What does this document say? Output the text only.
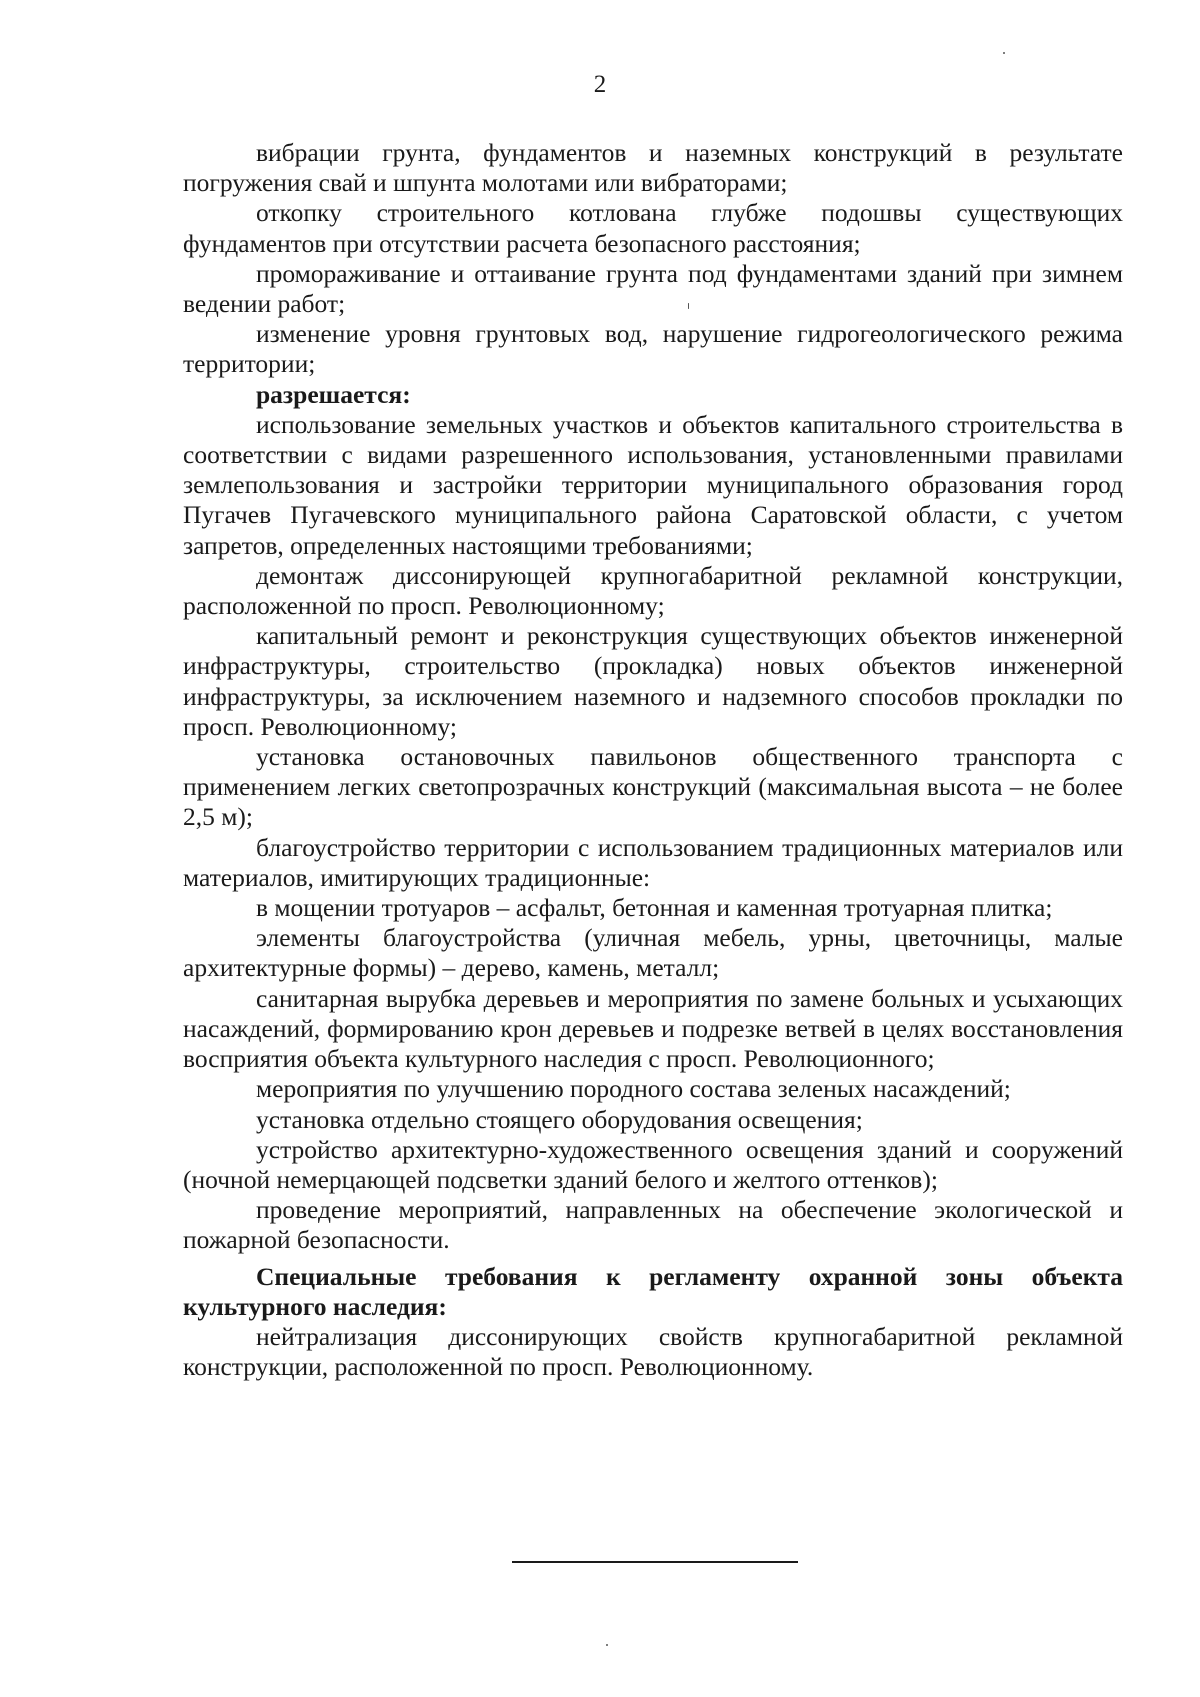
2

вибрации грунта, фундаментов и наземных конструкций в результате погружения свай и шпунта молотами или вибраторами;

откопку строительного котлована глубже подошвы существующих фундаментов при отсутствии расчета безопасного расстояния;

промораживание и оттаивание грунта под фундаментами зданий при зимнем ведении работ;

изменение уровня грунтовых вод, нарушение гидрогеологического режима территории;

разрешается:

использование земельных участков и объектов капитального строительства в соответствии с видами разрешенного использования, установленными правилами землепользования и застройки территории муниципального образования город Пугачев Пугачевского муниципального района Саратовской области, с учетом запретов, определенных настоящими требованиями;

демонтаж диссонирующей крупногабаритной рекламной конструкции, расположенной по просп. Революционному;

капитальный ремонт и реконструкция существующих объектов инженерной инфраструктуры, строительство (прокладка) новых объектов инженерной инфраструктуры, за исключением наземного и надземного способов прокладки по просп. Революционному;

установка остановочных павильонов общественного транспорта с применением легких светопрозрачных конструкций (максимальная высота – не более 2,5 м);

благоустройство территории с использованием традиционных материалов или материалов, имитирующих традиционные:

в мощении тротуаров – асфальт, бетонная и каменная тротуарная плитка;

элементы благоустройства (уличная мебель, урны, цветочницы, малые архитектурные формы) – дерево, камень, металл;

санитарная вырубка деревьев и мероприятия по замене больных и усыхающих насаждений, формированию крон деревьев и подрезке ветвей в целях восстановления восприятия объекта культурного наследия с просп. Революционного;

мероприятия по улучшению породного состава зеленых насаждений;

установка отдельно стоящего оборудования освещения;

устройство архитектурно-художественного освещения зданий и сооружений (ночной немерцающей подсветки зданий белого и желтого оттенков);

проведение мероприятий, направленных на обеспечение экологической и пожарной безопасности.

Специальные требования к регламенту охранной зоны объекта культурного наследия:

нейтрализация диссонирующих свойств крупногабаритной рекламной конструкции, расположенной по просп. Революционному.
